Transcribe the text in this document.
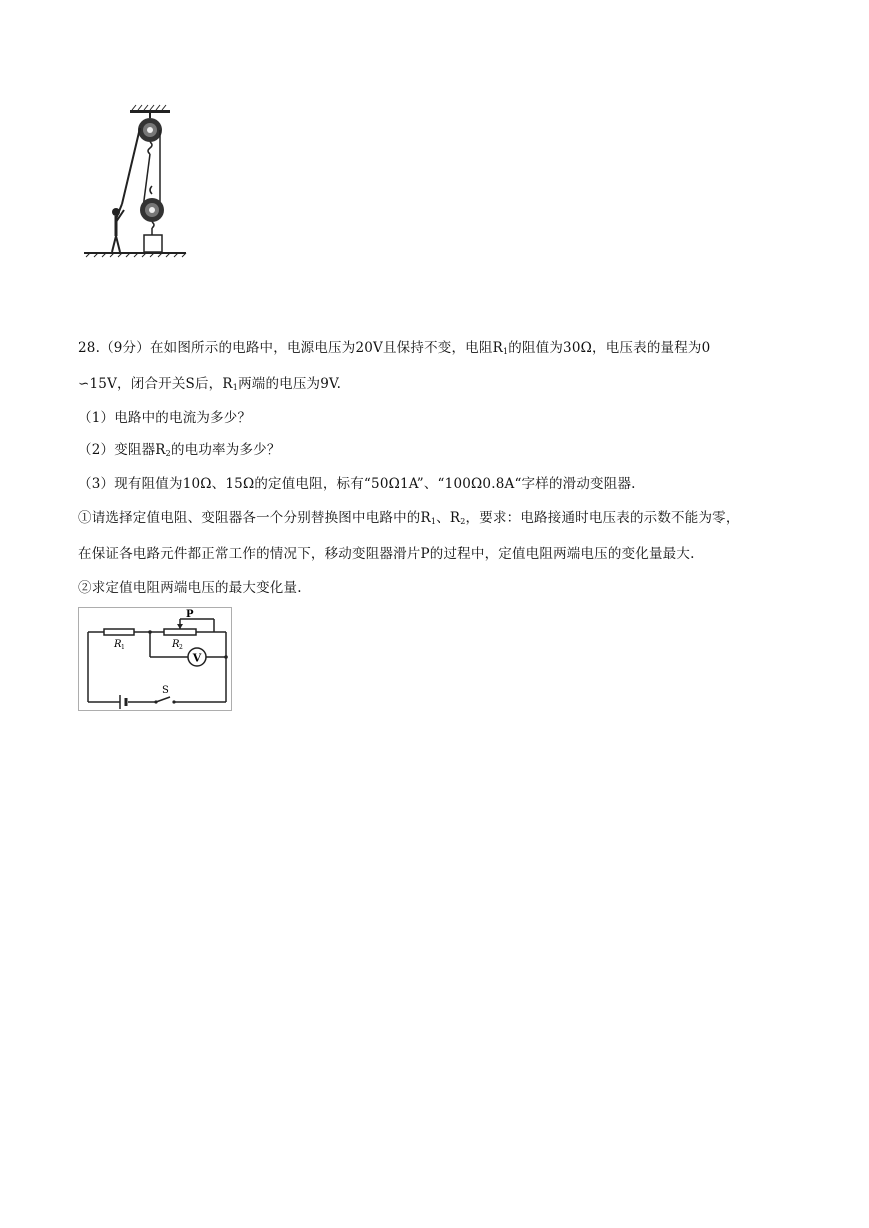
28.（9分）在如图所示的电路中，电源电压为20V且保持不变，电阻$R_1$的阻值为30Ω，电压表的量程为0
∽15V，闭合开关S后，$R_1$两端的电压为9V.
（1）电路中的电流为多少？
（2）变阻器$R_2$的电功率为多少？
（3）现有阻值为10Ω、15Ω的定值电阻，标有“50Ω1A”、“100Ω0.8A“字样的滑动变阻器.
①请选择定值电阻、变阻器各一个分别替换图中电路中的$R_1$、$R_2$，要求：电路接通时电压表的示数不能为零，
在保证各电路元件都正常工作的情况下，移动变阻器滑片P的过程中，定值电阻两端电压的变化量最大.
②求定值电阻两端电压的最大变化量.
V
P
R 1	R 2
S
